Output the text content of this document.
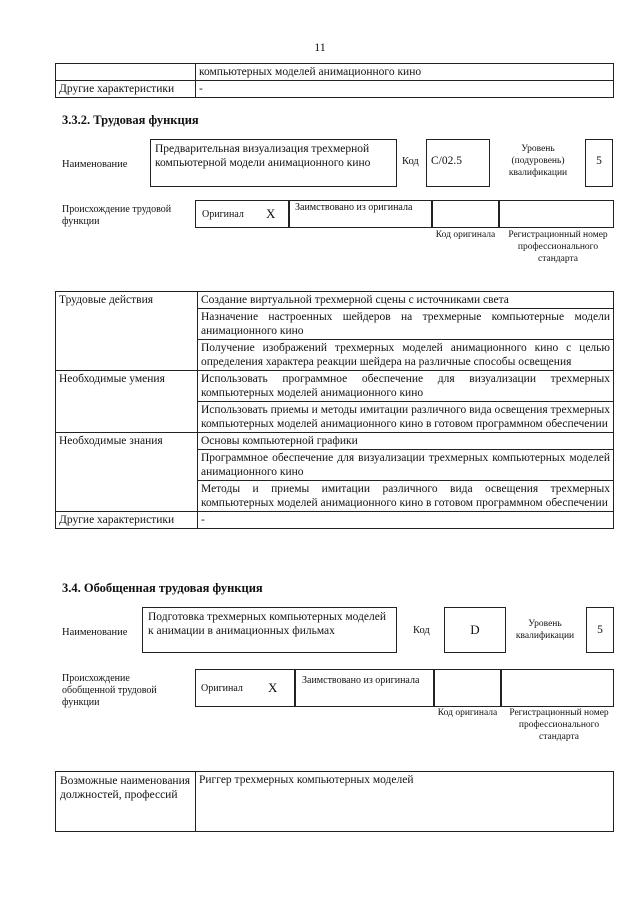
11
	компьютерных моделей анимационного кино
Другие характеристики	-
3.3.2. Трудовая функция
Наименование
Предварительная визуализация трехмерной компьютерной модели анимационного кино	Код	C/02.5
Уровень (подуровень) квалификации
5
Происхождение трудовой функции
Оригинал X	Заимствовано из оригинала
Код оригинала	Регистрационный номер профессионального стандарта
Трудовые действия	Создание виртуальной трехмерной сцены с источниками света
	Назначение настроенных шейдеров на трехмерные компьютерные модели анимационного кино
	Получение изображений трехмерных моделей анимационного кино с целью определения характера реакции шейдера на различные способы освещения
Необходимые умения	Использовать программное обеспечение для визуализации трехмерных компьютерных моделей анимационного кино
	Использовать приемы и методы имитации различного вида освещения трехмерных компьютерных моделей анимационного кино в готовом программном обеспечении
Необходимые знания	Основы компьютерной графики
	Программное обеспечение для визуализации трехмерных компьютерных моделей анимационного кино
	Методы и приемы имитации различного вида освещения трехмерных компьютерных моделей анимационного кино в готовом программном обеспечении
Другие характеристики	-
3.4. Обобщенная трудовая функция
Наименование
Подготовка трехмерных компьютерных моделей к анимации в анимационных фильмах	Код	D	Уровень квалификации	5
Происхождение обобщенной трудовой функции
Оригинал X	Заимствовано из оригинала
Код оригинала	Регистрационный номер профессионального стандарта
Возможные наименования должностей, профессий	Риггер трехмерных компьютерных моделей
